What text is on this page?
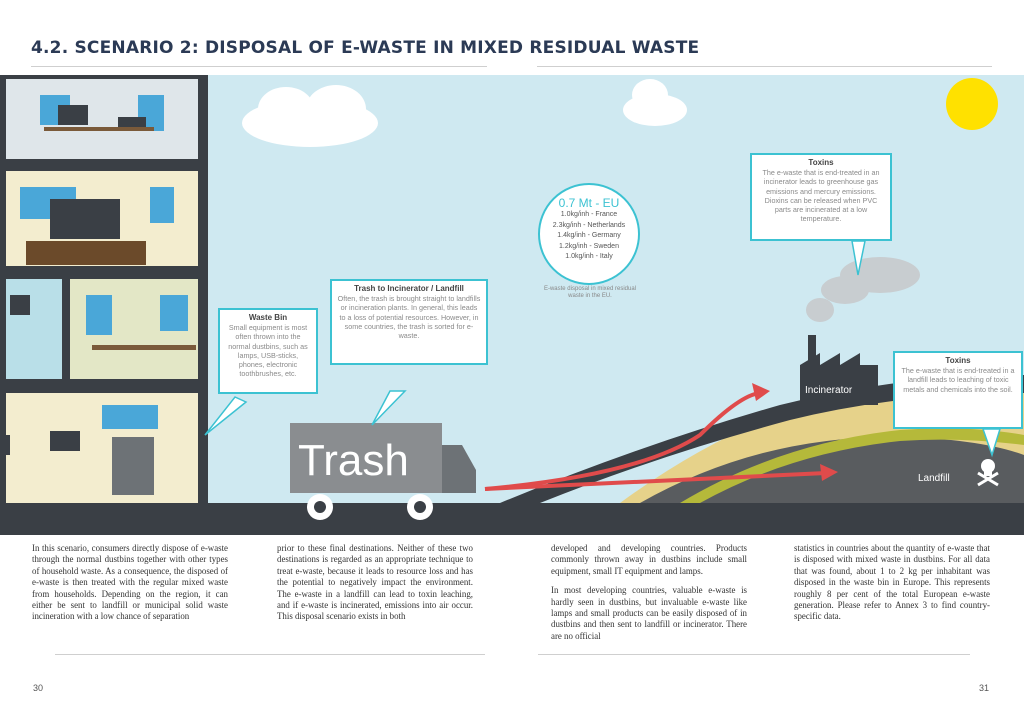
4.2. SCENARIO 2: DISPOSAL OF E-WASTE IN MIXED RESIDUAL WASTE
Trash
Incinerator
Landfill
Waste Bin
Small equipment is most often thrown into the normal dustbins, such as lamps, USB-sticks, phones, electronic toothbrushes, etc.
Trash to Incinerator / Landfill
Often, the trash is brought straight to landfills or incineration plants. In general, this leads to a loss of potential resources. However, in some countries, the trash is sorted for e-waste.
Toxins
The e-waste that is end-treated in an incinerator leads to greenhouse gas emissions and mercury emissions. Dioxins can be released when PVC parts are incinerated at a low temperature.
Toxins
The e-waste that is end-treated in a landfill leads to leaching of toxic metals and chemicals into the soil.
0.7 Mt - EU
1.0kg/inh - France
2.3kg/inh - Netherlands
1.4kg/inh - Germany
1.2kg/inh - Sweden
1.0kg/inh - Italy
E-waste disposal in mixed residual waste in the EU.

In this scenario, consumers directly dispose of e-waste through the normal dustbins together with other types of household waste. As a consequence, the disposed of e-waste is then treated with the regular mixed waste from households. Depending on the region, it can either be sent to landfill or municipal solid waste incineration with a low chance of separation

prior to these final destinations. Neither of these two destinations is regarded as an appropriate technique to treat e-waste, because it leads to resource loss and has the potential to negatively impact the environment. The e-waste in a landfill can lead to toxin leaching, and if e-waste is incinerated, emissions into air occur. This disposal scenario exists in both

developed and developing countries. Products commonly thrown away in dustbins include small equipment, small IT equipment and lamps.

In most developing countries, valuable e-waste is hardly seen in dustbins, but invaluable e-waste like lamps and small products can be easily disposed of in dustbins and then sent to landfill or incinerator. There are no official

statistics in countries about the quantity of e-waste that is disposed with mixed waste in dustbins. For all data that was found, about 1 to 2 kg per inhabitant was disposed in the waste bin in Europe. This represents roughly 8 per cent of the total European e-waste generation. Please refer to Annex 3 to find country-specific data.

30	31
